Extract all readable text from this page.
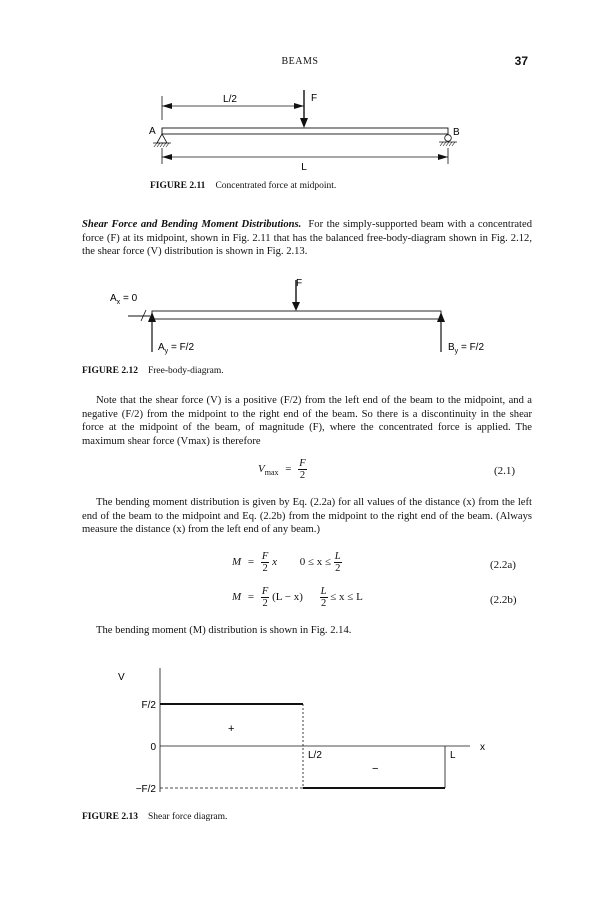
BEAMS	37
L/2	F
A	B
L
FIGURE 2.11 Concentrated force at midpoint.
Shear Force and Bending Moment Distributions. For the simply-supported beam with a concentrated force (F) at its midpoint, shown in Fig. 2.11 that has the balanced free-body-diagram shown in Fig. 2.12, the shear force (V) distribution is shown in Fig. 2.13.
F
$A_x = 0$
$A_y = F/2$	$B_y = F/2$
FIGURE 2.12 Free-body-diagram.
Note that the shear force (V) is a positive (F/2) from the left end of the beam to the midpoint, and a negative (F/2) from the midpoint to the right end of the beam. So there is a discontinuity in the shear force at the midpoint of the beam, of magnitude (F), where the concentrated force is applied. The maximum shear force (Vmax) is therefore
$V_{max} = \frac{F}{2}$	(2.1)
The bending moment distribution is given by Eq. (2.2a) for all values of the distance (x) from the left end of the beam to the midpoint and Eq. (2.2b) from the midpoint to the right end of the beam. (Always measure the distance (x) from the left end of any beam.)
$M = \frac{F}{2}$ x $0 \le x \le \frac{L}{2}$	(2.2a)
$M = \frac{F}{2} (L - x) \frac{L}{2} \le x \le L$	(2.2b)
The bending moment (M) distribution is shown in Fig. 2.14.
V
x
F/2
0
−F/2
+
−
L/2	L
FIGURE 2.13 Shear force diagram.
